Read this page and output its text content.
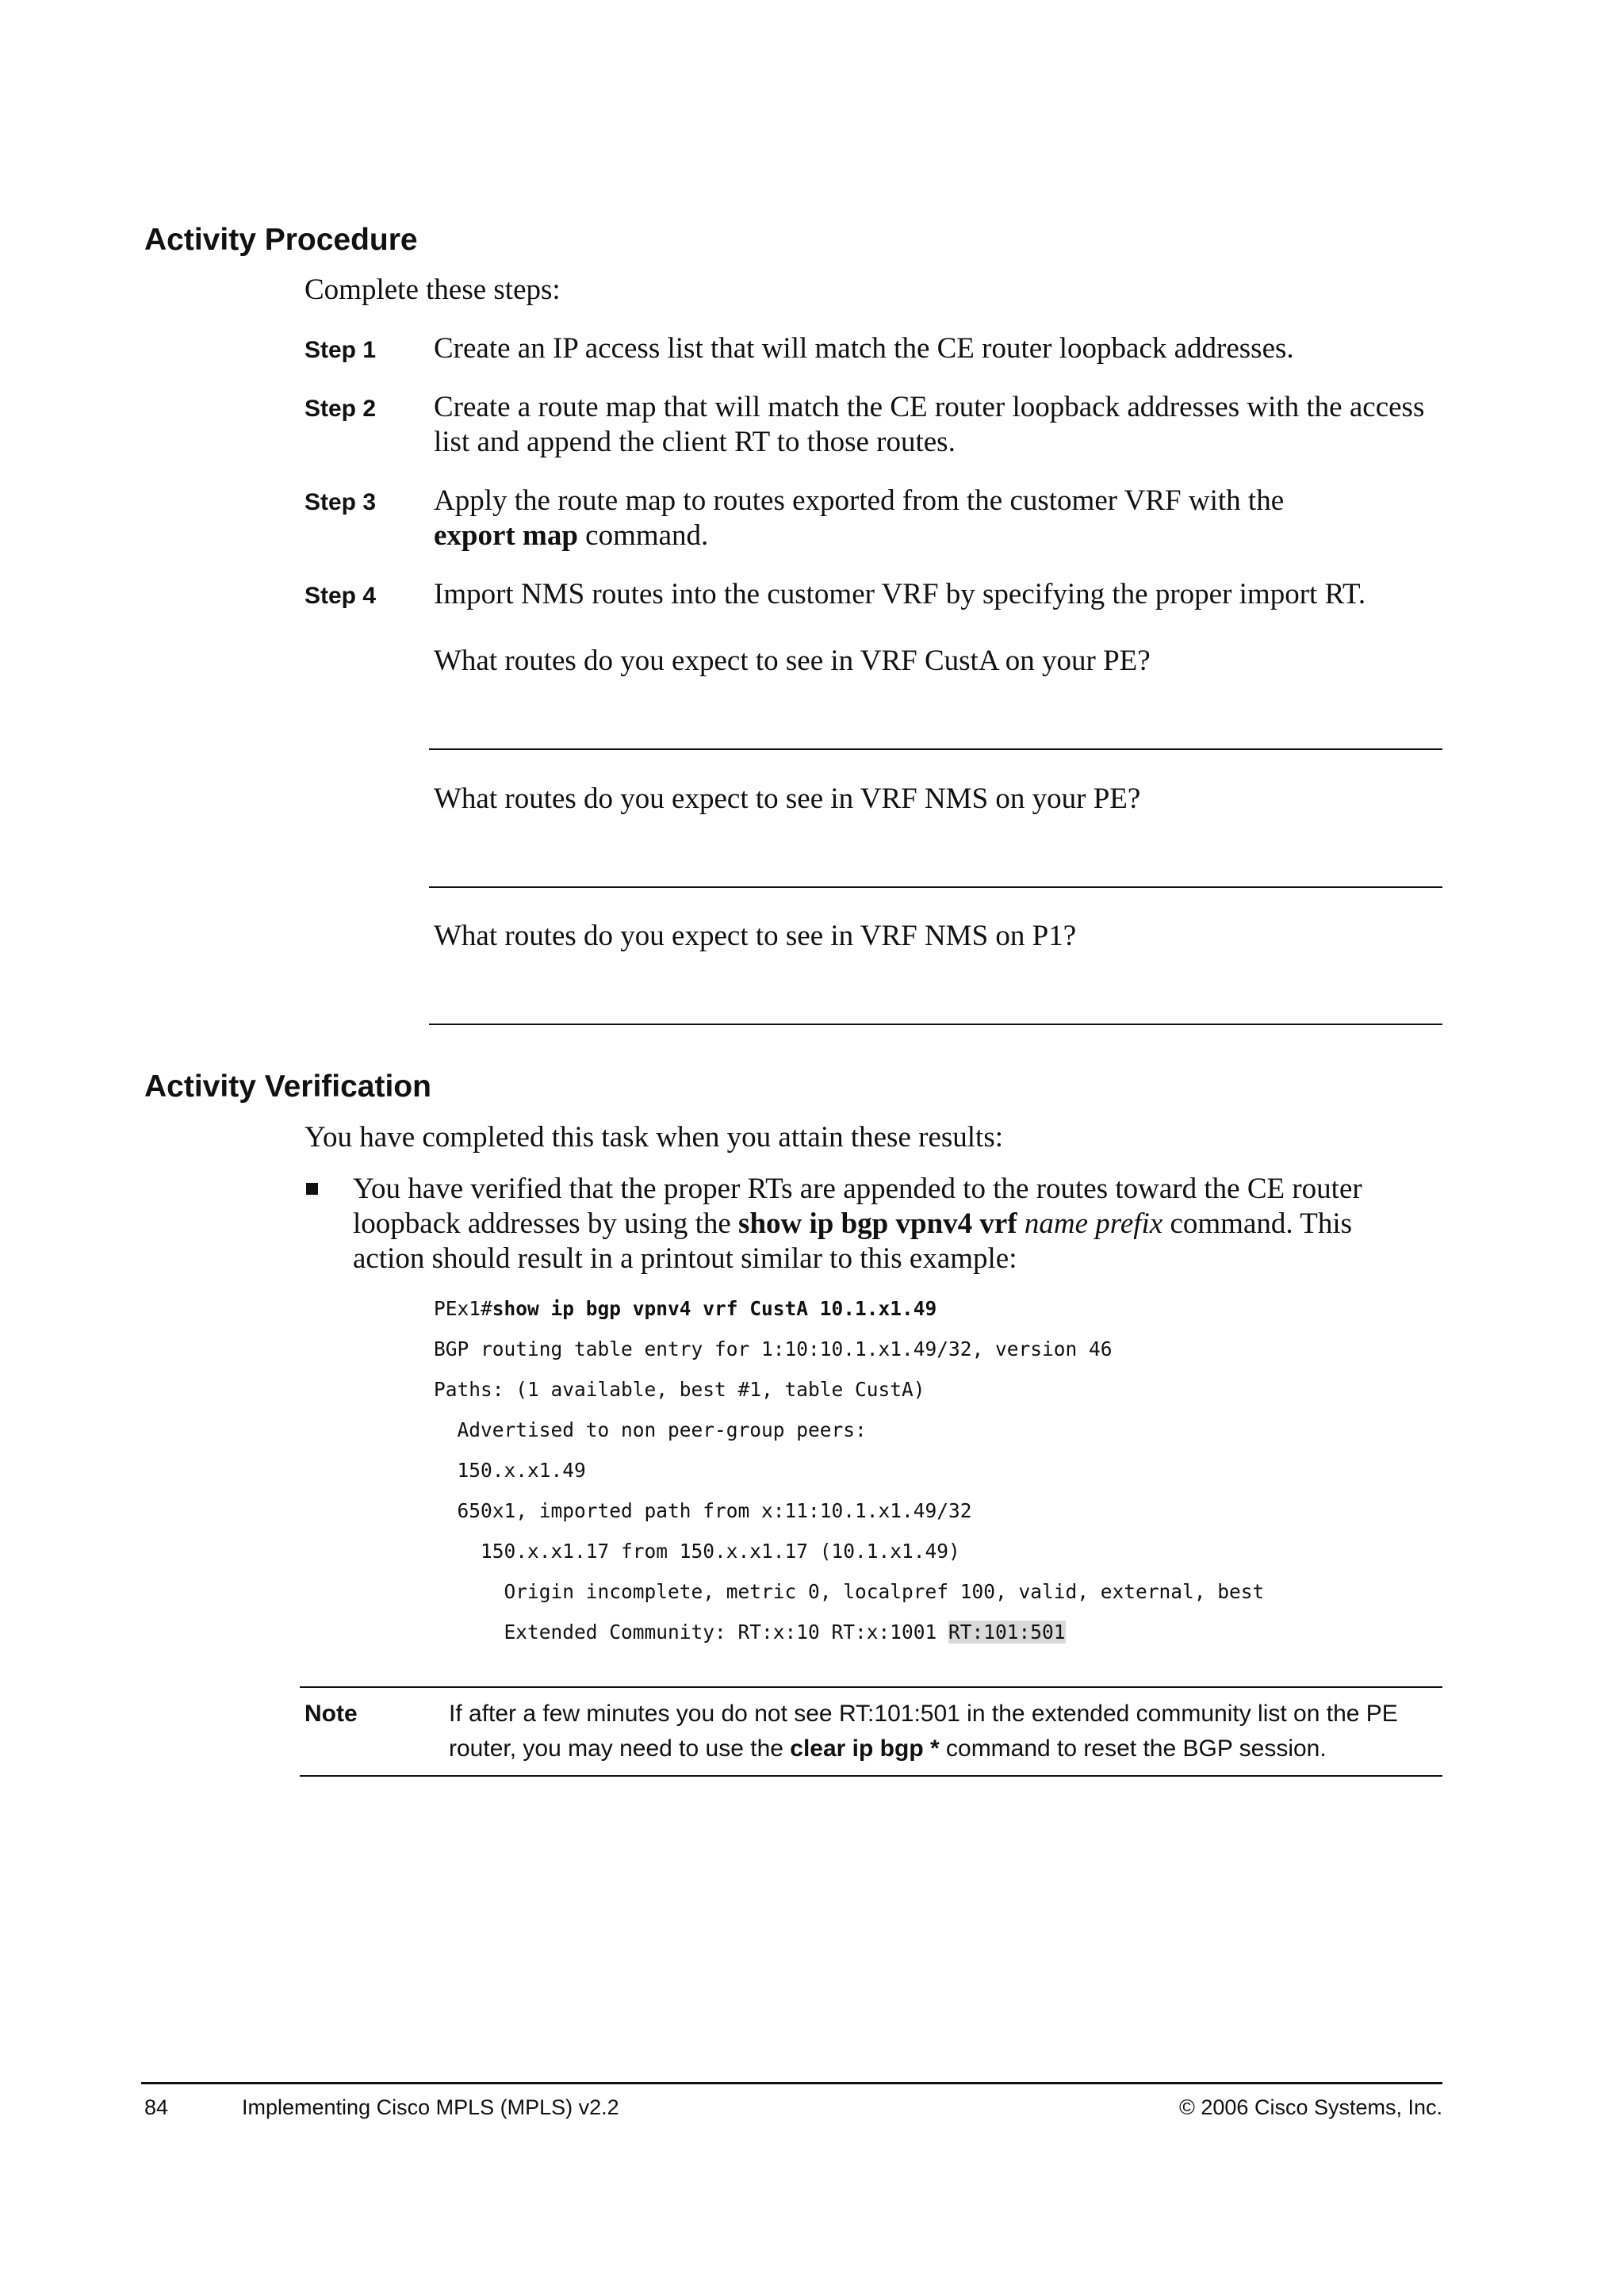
Activity Procedure

Complete these steps:

Step 1 Create an IP access list that will match the CE router loopback addresses.
Step 2 Create a route map that will match the CE router loopback addresses with the access
list and append the client RT to those routes.
Step 3 Apply the route map to routes exported from the customer VRF with the
export map command.
Step 4 Import NMS routes into the customer VRF by specifying the proper import RT.
What routes do you expect to see in VRF CustA on your PE?
What routes do you expect to see in VRF NMS on your PE?
What routes do you expect to see in VRF NMS on P1?
Activity Verification

You have completed this task when you attain these results:

You have verified that the proper RTs are appended to the routes toward the CE router
loopback addresses by using the show ip bgp vpnv4 vrf name prefix command. This
action should result in a printout similar to this example:
PEx1#show ip bgp vpnv4 vrf CustA 10.1.x1.49
BGP routing table entry for 1:10:10.1.x1.49/32, version 46
Paths: (1 available, best #1, table CustA)
Advertised to non peer-group peers:
150.x.x1.49
650x1, imported path from x:11:10.1.x1.49/32
150.x.x1.17 from 150.x.x1.17 (10.1.x1.49)
Origin incomplete, metric 0, localpref 100, valid, external, best
Extended Community: RT:x:10 RT:x:1001 RT:101:501
Note	If after a few minutes you do not see RT:101:501 in the extended community list on the PE
router, you may need to use the clear ip bgp * command to reset the BGP session.
84	Implementing Cisco MPLS (MPLS) v2.2	© 2006 Cisco Systems, Inc.
